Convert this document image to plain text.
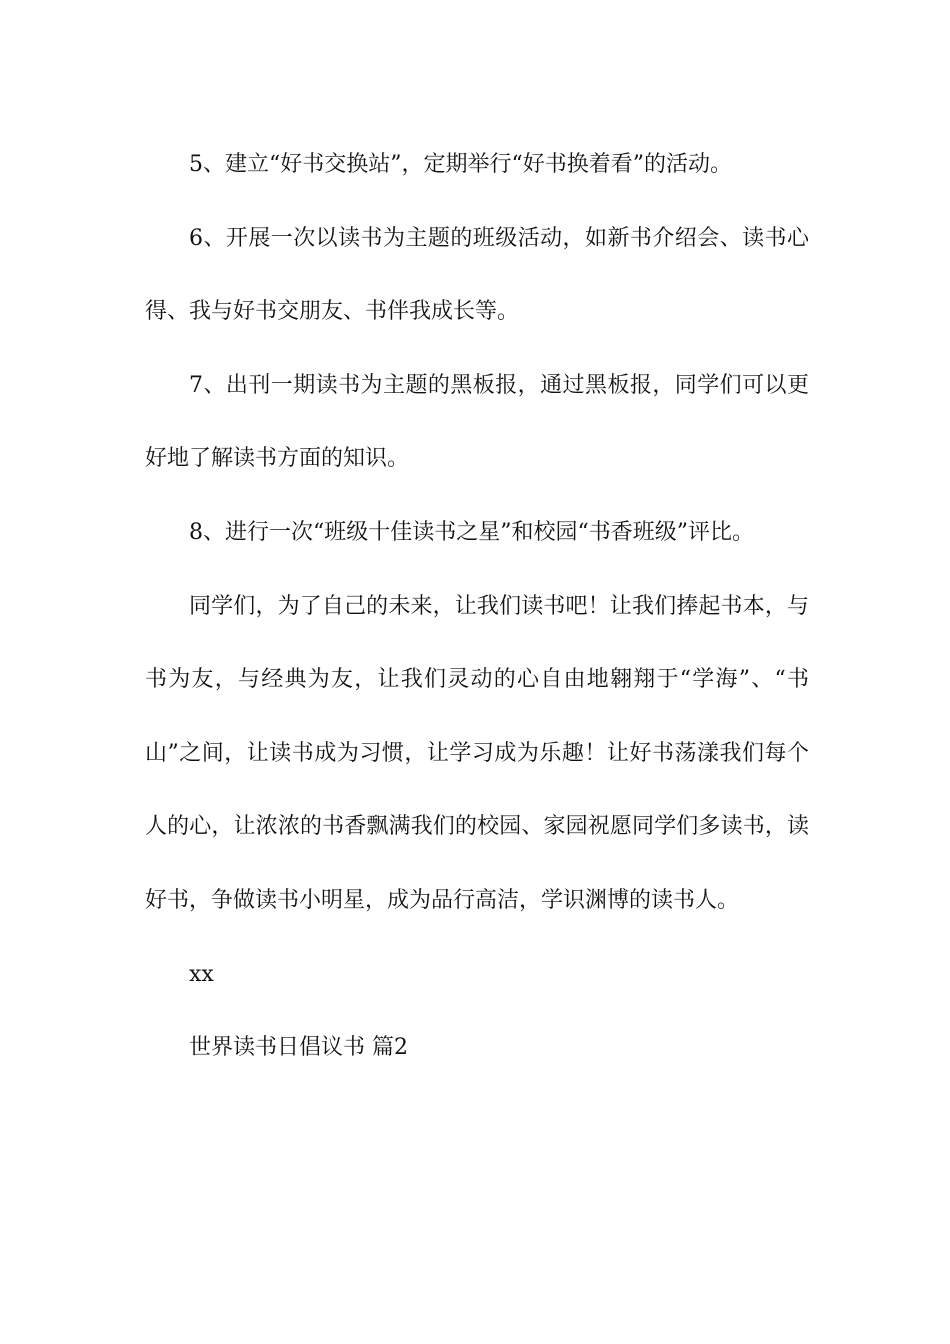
5、建立“好书交换站”，定期举行“好书换着看”的活动。

6、开展一次以读书为主题的班级活动，如新书介绍会、读书心得、我与好书交朋友、书伴我成长等。

7、出刊一期读书为主题的黑板报，通过黑板报，同学们可以更好地了解读书方面的知识。

8、进行一次“班级十佳读书之星”和校园“书香班级”评比。

同学们，为了自己的未来，让我们读书吧！让我们捧起书本，与书为友，与经典为友，让我们灵动的心自由地翱翔于“学海”、“书山”之间，让读书成为习惯，让学习成为乐趣！让好书荡漾我们每个人的心，让浓浓的书香飘满我们的校园、家园祝愿同学们多读书，读好书，争做读书小明星，成为品行高洁，学识渊博的读书人。

xx

世界读书日倡议书 篇2
